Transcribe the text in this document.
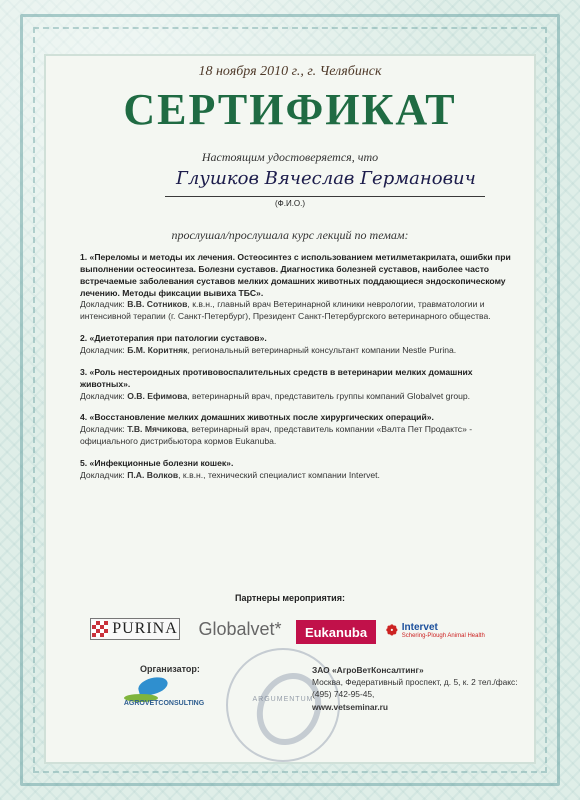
18 ноября 2010 г., г. Челябинск
СЕРТИФИКАТ
Настоящим удостоверяется, что
Глушков Вячеслав Германович
(Ф.И.О.)
прослушал/прослушала курс лекций по темам:
1. «Переломы и методы их лечения. Остеосинтез с использованием метилметакрилата, ошибки при выполнении остеосинтеза. Болезни суставов. Диагностика болезней суставов, наиболее часто встречаемые заболевания суставов мелких домашних животных поддающиеся эндоскопическому лечению. Методы фиксации вывиха ТБС».
Докладчик: В.В. Сотников, к.в.н., главный врач Ветеринарной клиники неврологии, травматологии и интенсивной терапии (г. Санкт-Петербург), Президент Санкт-Петербургского ветеринарного общества.
2. «Диетотерапия при патологии суставов».
Докладчик: Б.М. Коритняк, региональный ветеринарный консультант компании Nestle Purina.
3. «Роль нестероидных противовоспалительных средств в ветеринарии мелких домашних животных».
Докладчик: О.В. Ефимова, ветеринарный врач, представитель группы компаний Globalvet group.
4. «Восстановление мелких домашних животных после хирургических операций».
Докладчик: Т.В. Мячикова, ветеринарный врач, представитель компании «Валта Пет Продактс» - официального дистрибьютора кормов Eukanuba.
5. «Инфекционные болезни кошек».
Докладчик: П.А. Волков, к.в.н., технический специалист компании Intervet.
Партнеры мероприятия:
PURINA	Globalvet*	Eukanuba	❁ Intervet
Schering-Plough Animal Health
Организатор:
AGROVETCONSULTING
ARGUMENTUM
ЗАО «АгроВетКонсалтинг»
Москва, Федеративный проспект, д. 5, к. 2 тел./факс: (495) 742-95-45,
www.vetseminar.ru
